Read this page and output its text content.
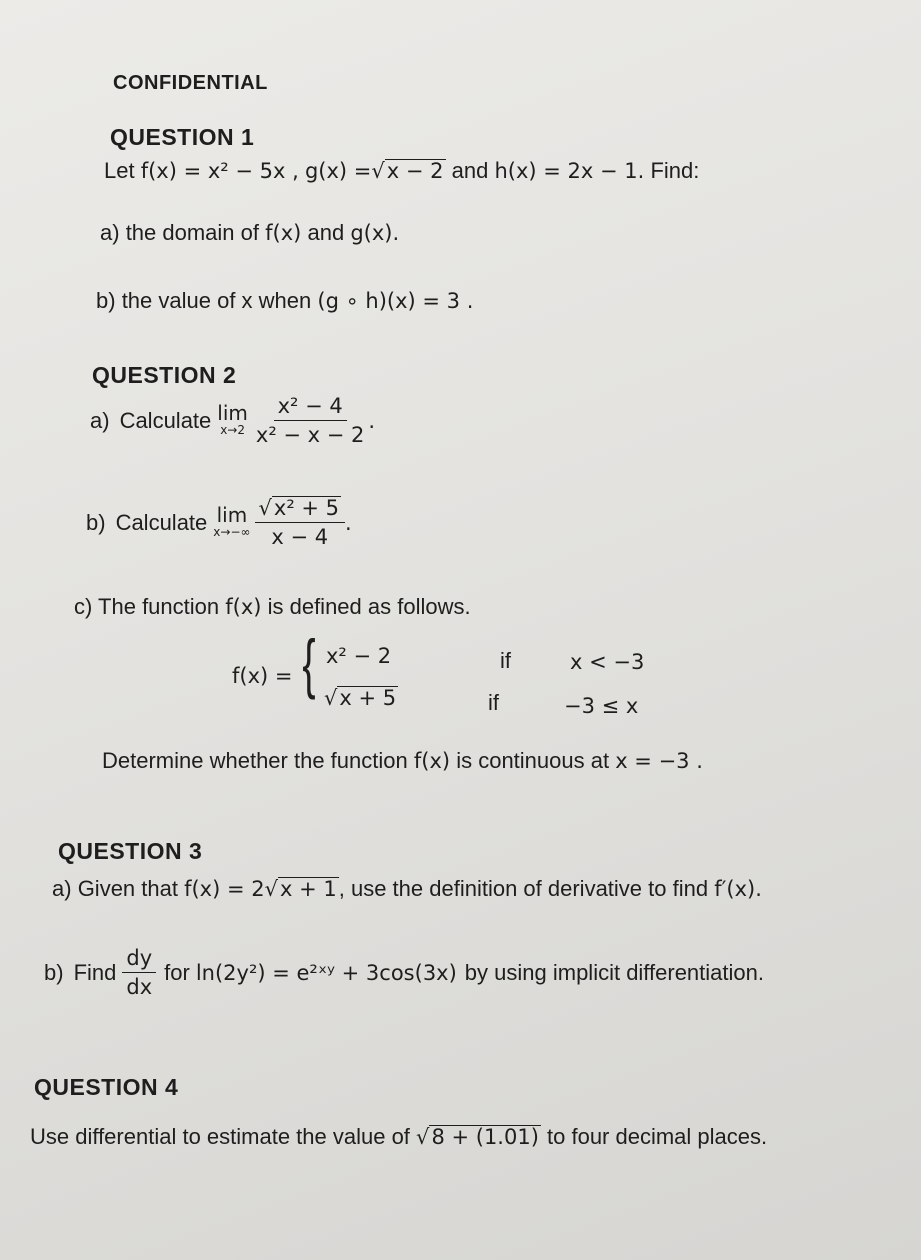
CONFIDENTIAL
QUESTION 1
Let f(x) = x² − 5x , g(x) =√x − 2 and h(x) = 2x − 1. Find:
a) the domain of f(x) and g(x).
b) the value of x when (g ∘ h)(x) = 3 .
QUESTION 2
a) Calculate lim
$x\to 2 \frac{\text{x² − 4}}{\text{x² − x − 2}}$ .
b) Calculate lim
$x\to-\infty \frac{\text{√x² + 5}}{x - 4}$ .
c) The function f(x) is defined as follows.
f(x) = { x² − 2
√x + 5
if
if
x < −3
−3 ≤ x
Determine whether the function f(x) is continuous at x = −3 .
QUESTION 3
a) Given that f(x) = 2√x + 1, use the definition of derivative to find f′(x).
b) Find $\frac{dy}{dx}$ for ln(2y²) = e²ˣʸ + 3cos(3x) by using implicit differentiation.
QUESTION 4
Use differential to estimate the value of √8 + (1.01) to four decimal places.
